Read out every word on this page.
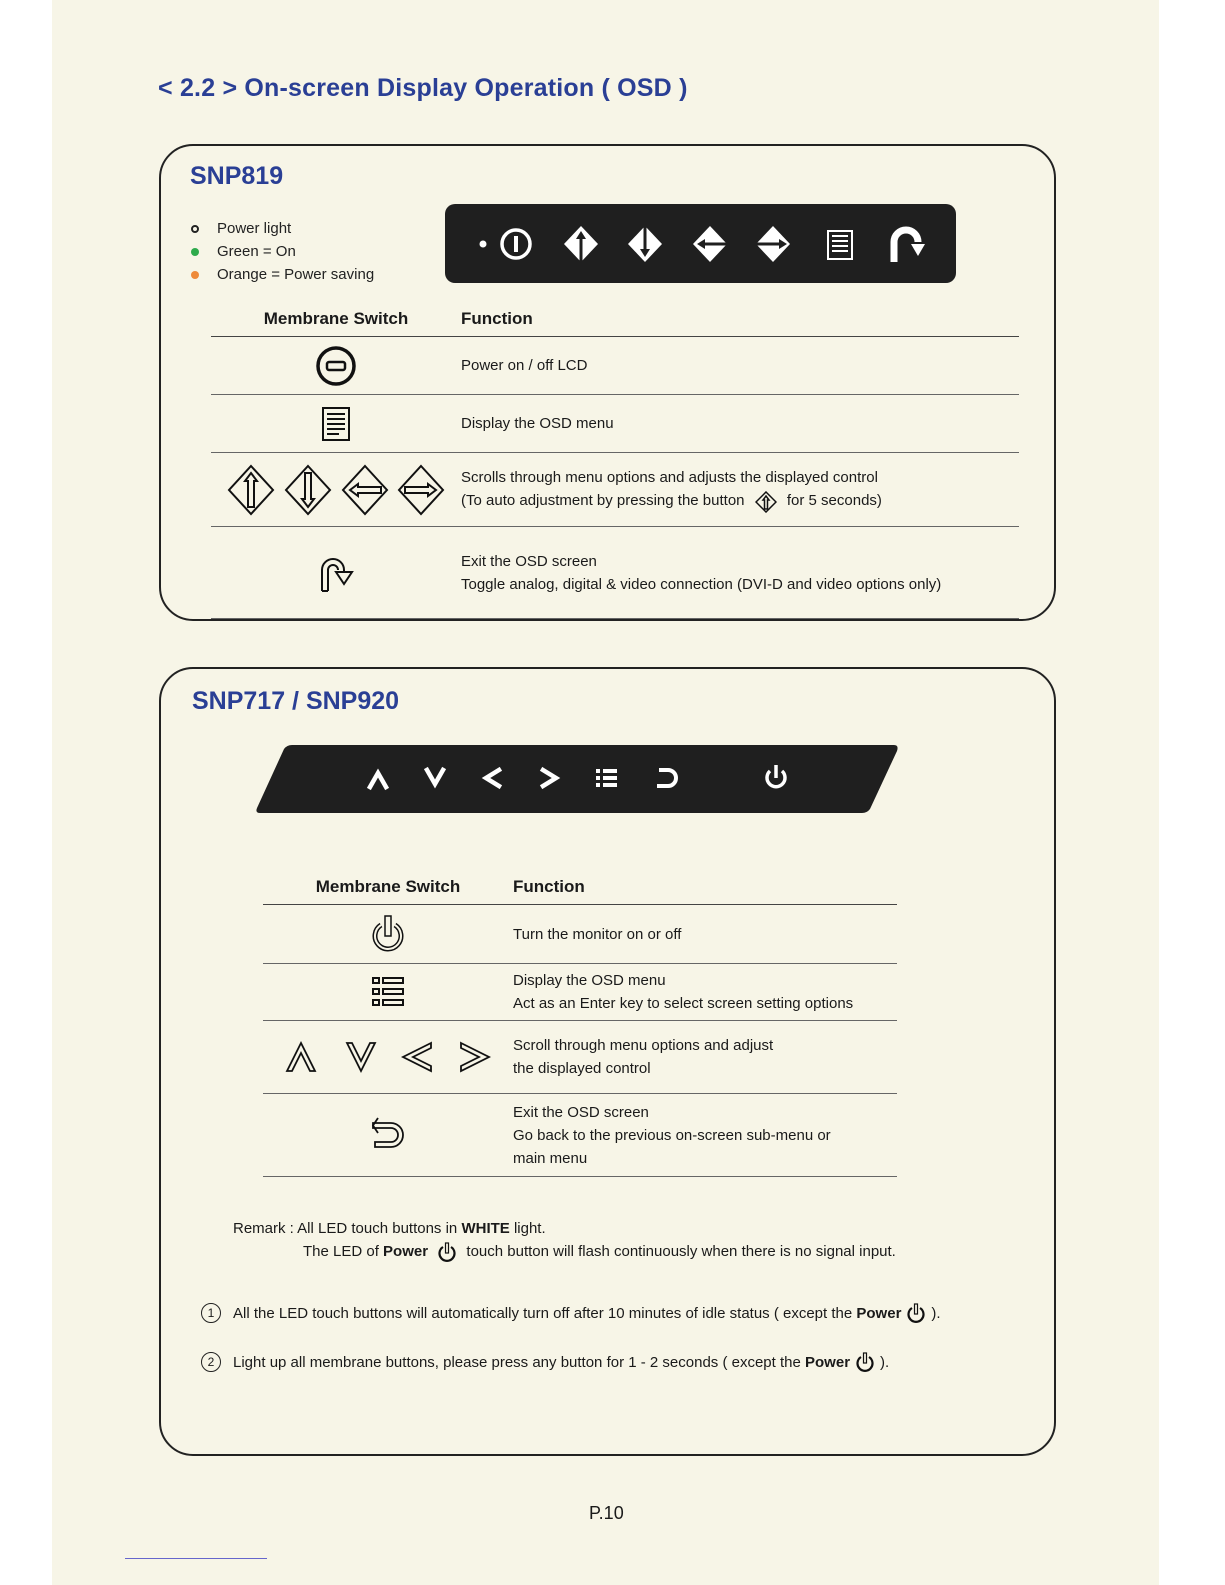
< 2.2 > On-screen Display Operation ( OSD )
SNP819
Power light
Green = On
Orange = Power saving
Membrane Switch	Function

Power on / off LCD

Display the OSD menu

Scrolls through menu options and adjusts the displayed control
(To auto adjustment by pressing the button for 5 seconds)

Exit the OSD screen
Toggle analog, digital & video connection (DVI-D and video options only)
SNP717 / SNP920
Membrane Switch	Function

Turn the monitor on or off

Display the OSD menu
Act as an Enter key to select screen setting options

Scroll through menu options and adjust
the displayed control

Exit the OSD screen
Go back to the previous on-screen sub-menu or
main menu
Remark : All LED touch buttons in WHITE light.
The LED of Power	touch button will flash continuously when there is no signal input.
1	All the LED touch buttons will automatically turn off after 10 minutes of idle status ( except the
Power ).
2	Light up all membrane buttons, please press any button for 1 - 2 seconds ( except the
Power ).
P.10
